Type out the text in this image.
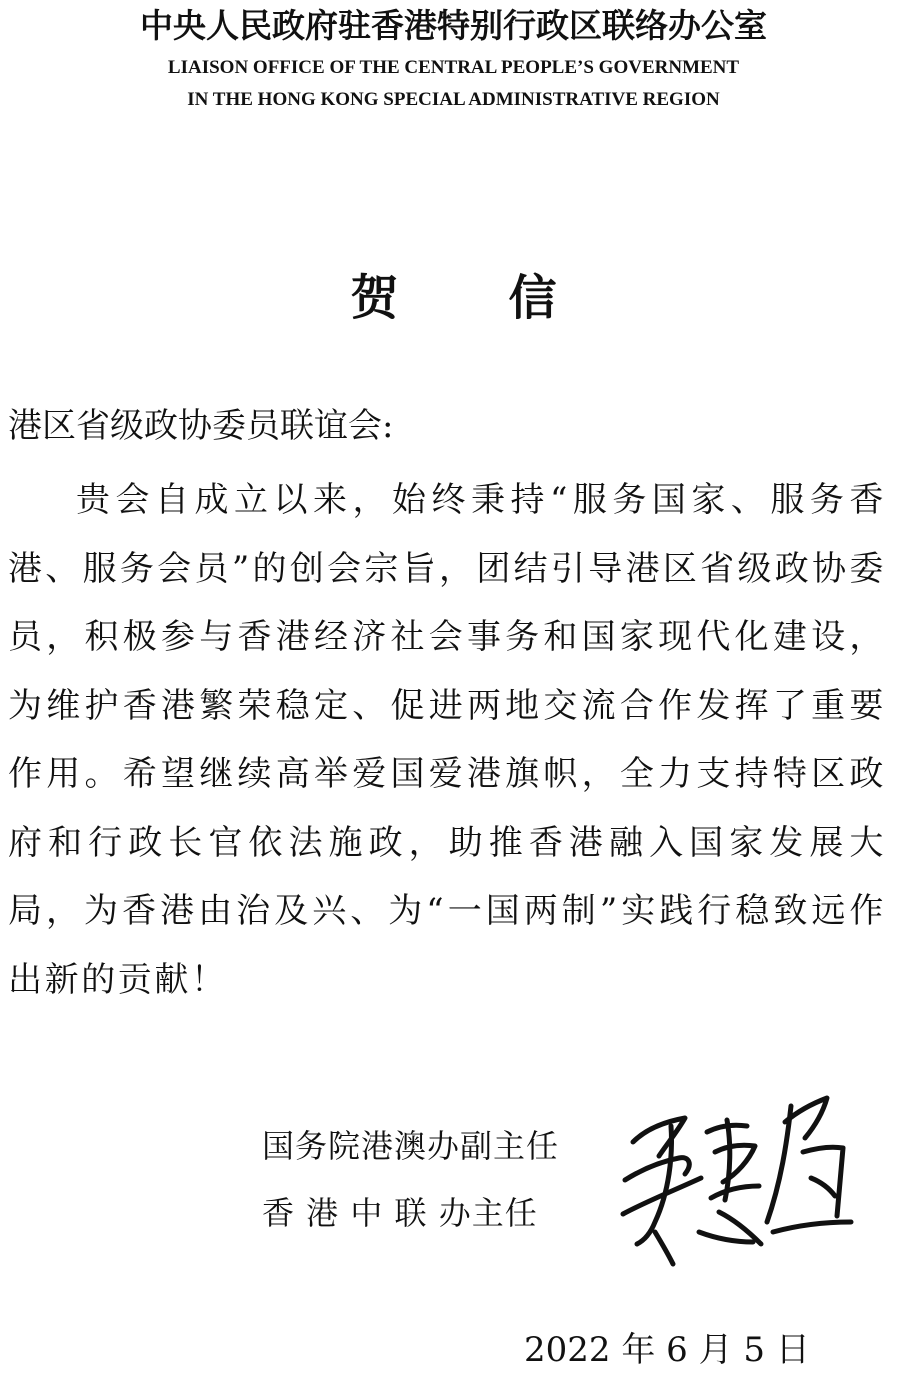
中央人民政府驻香港特别行政区联络办公室
LIAISON OFFICE OF THE CENTRAL PEOPLE’S GOVERNMENT
IN THE HONG KONG SPECIAL ADMINISTRATIVE REGION
贺 信
港区省级政协委员联谊会:
贵会自成立以来，始终秉持“服务国家、服务香港、服务会员”的创会宗旨，团结引导港区省级政协委员，积极参与香港经济社会事务和国家现代化建设，为维护香港繁荣稳定、促进两地交流合作发挥了重要作用。希望继续高举爱国爱港旗帜，全力支持特区政府和行政长官依法施政，助推香港融入国家发展大局，为香港由治及兴、为“一国两制”实践行稳致远作出新的贡献！
国务院港澳办副主任
香 港 中 联 办主任
2022 年 6 月 5 日
